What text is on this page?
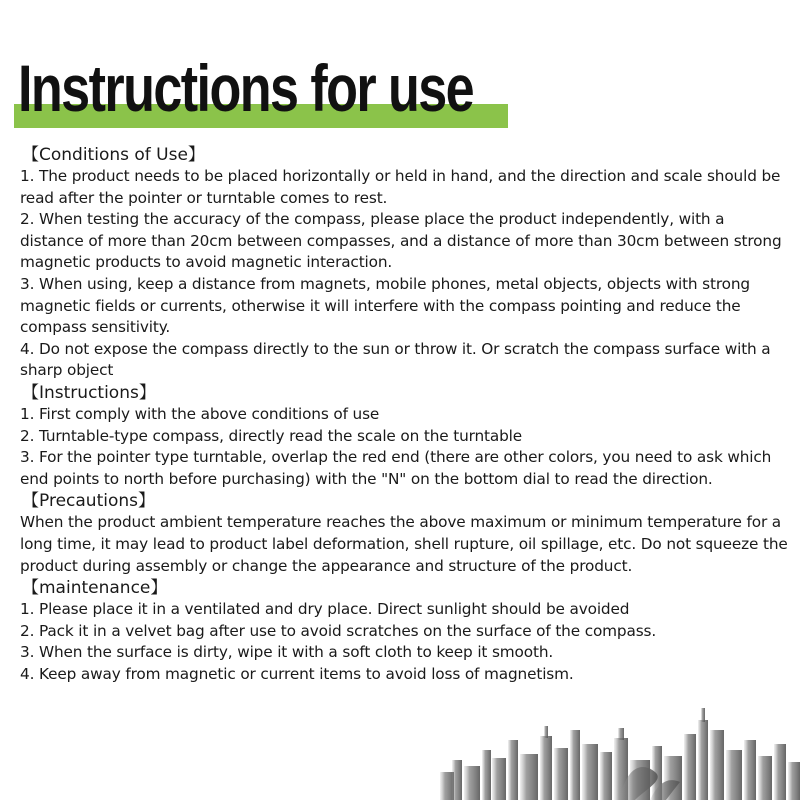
Instructions for use
【Conditions of Use】

1. The product needs to be placed horizontally or held in hand, and the direction and scale should be read after the pointer or turntable comes to rest.

2. When testing the accuracy of the compass, please place the product independently, with a distance of more than 20cm between compasses, and a distance of more than 30cm between strong magnetic products to avoid magnetic interaction.

3. When using, keep a distance from magnets, mobile phones, metal objects, objects with strong magnetic fields or currents, otherwise it will interfere with the compass pointing and reduce the compass sensitivity.

4. Do not expose the compass directly to the sun or throw it. Or scratch the compass surface with a sharp object

【Instructions】

1. First comply with the above conditions of use

2. Turntable-type compass, directly read the scale on the turntable

3. For the pointer type turntable, overlap the red end (there are other colors, you need to ask which end points to north before purchasing) with the "N" on the bottom dial to read the direction.

【Precautions】

When the product ambient temperature reaches the above maximum or minimum temperature for a long time, it may lead to product label deformation, shell rupture, oil spillage, etc. Do not squeeze the product during assembly or change the appearance and structure of the product.

【maintenance】

1. Please place it in a ventilated and dry place. Direct sunlight should be avoided

2. Pack it in a velvet bag after use to avoid scratches on the surface of the compass.

3. When the surface is dirty, wipe it with a soft cloth to keep it smooth.

4. Keep away from magnetic or current items to avoid loss of magnetism.
